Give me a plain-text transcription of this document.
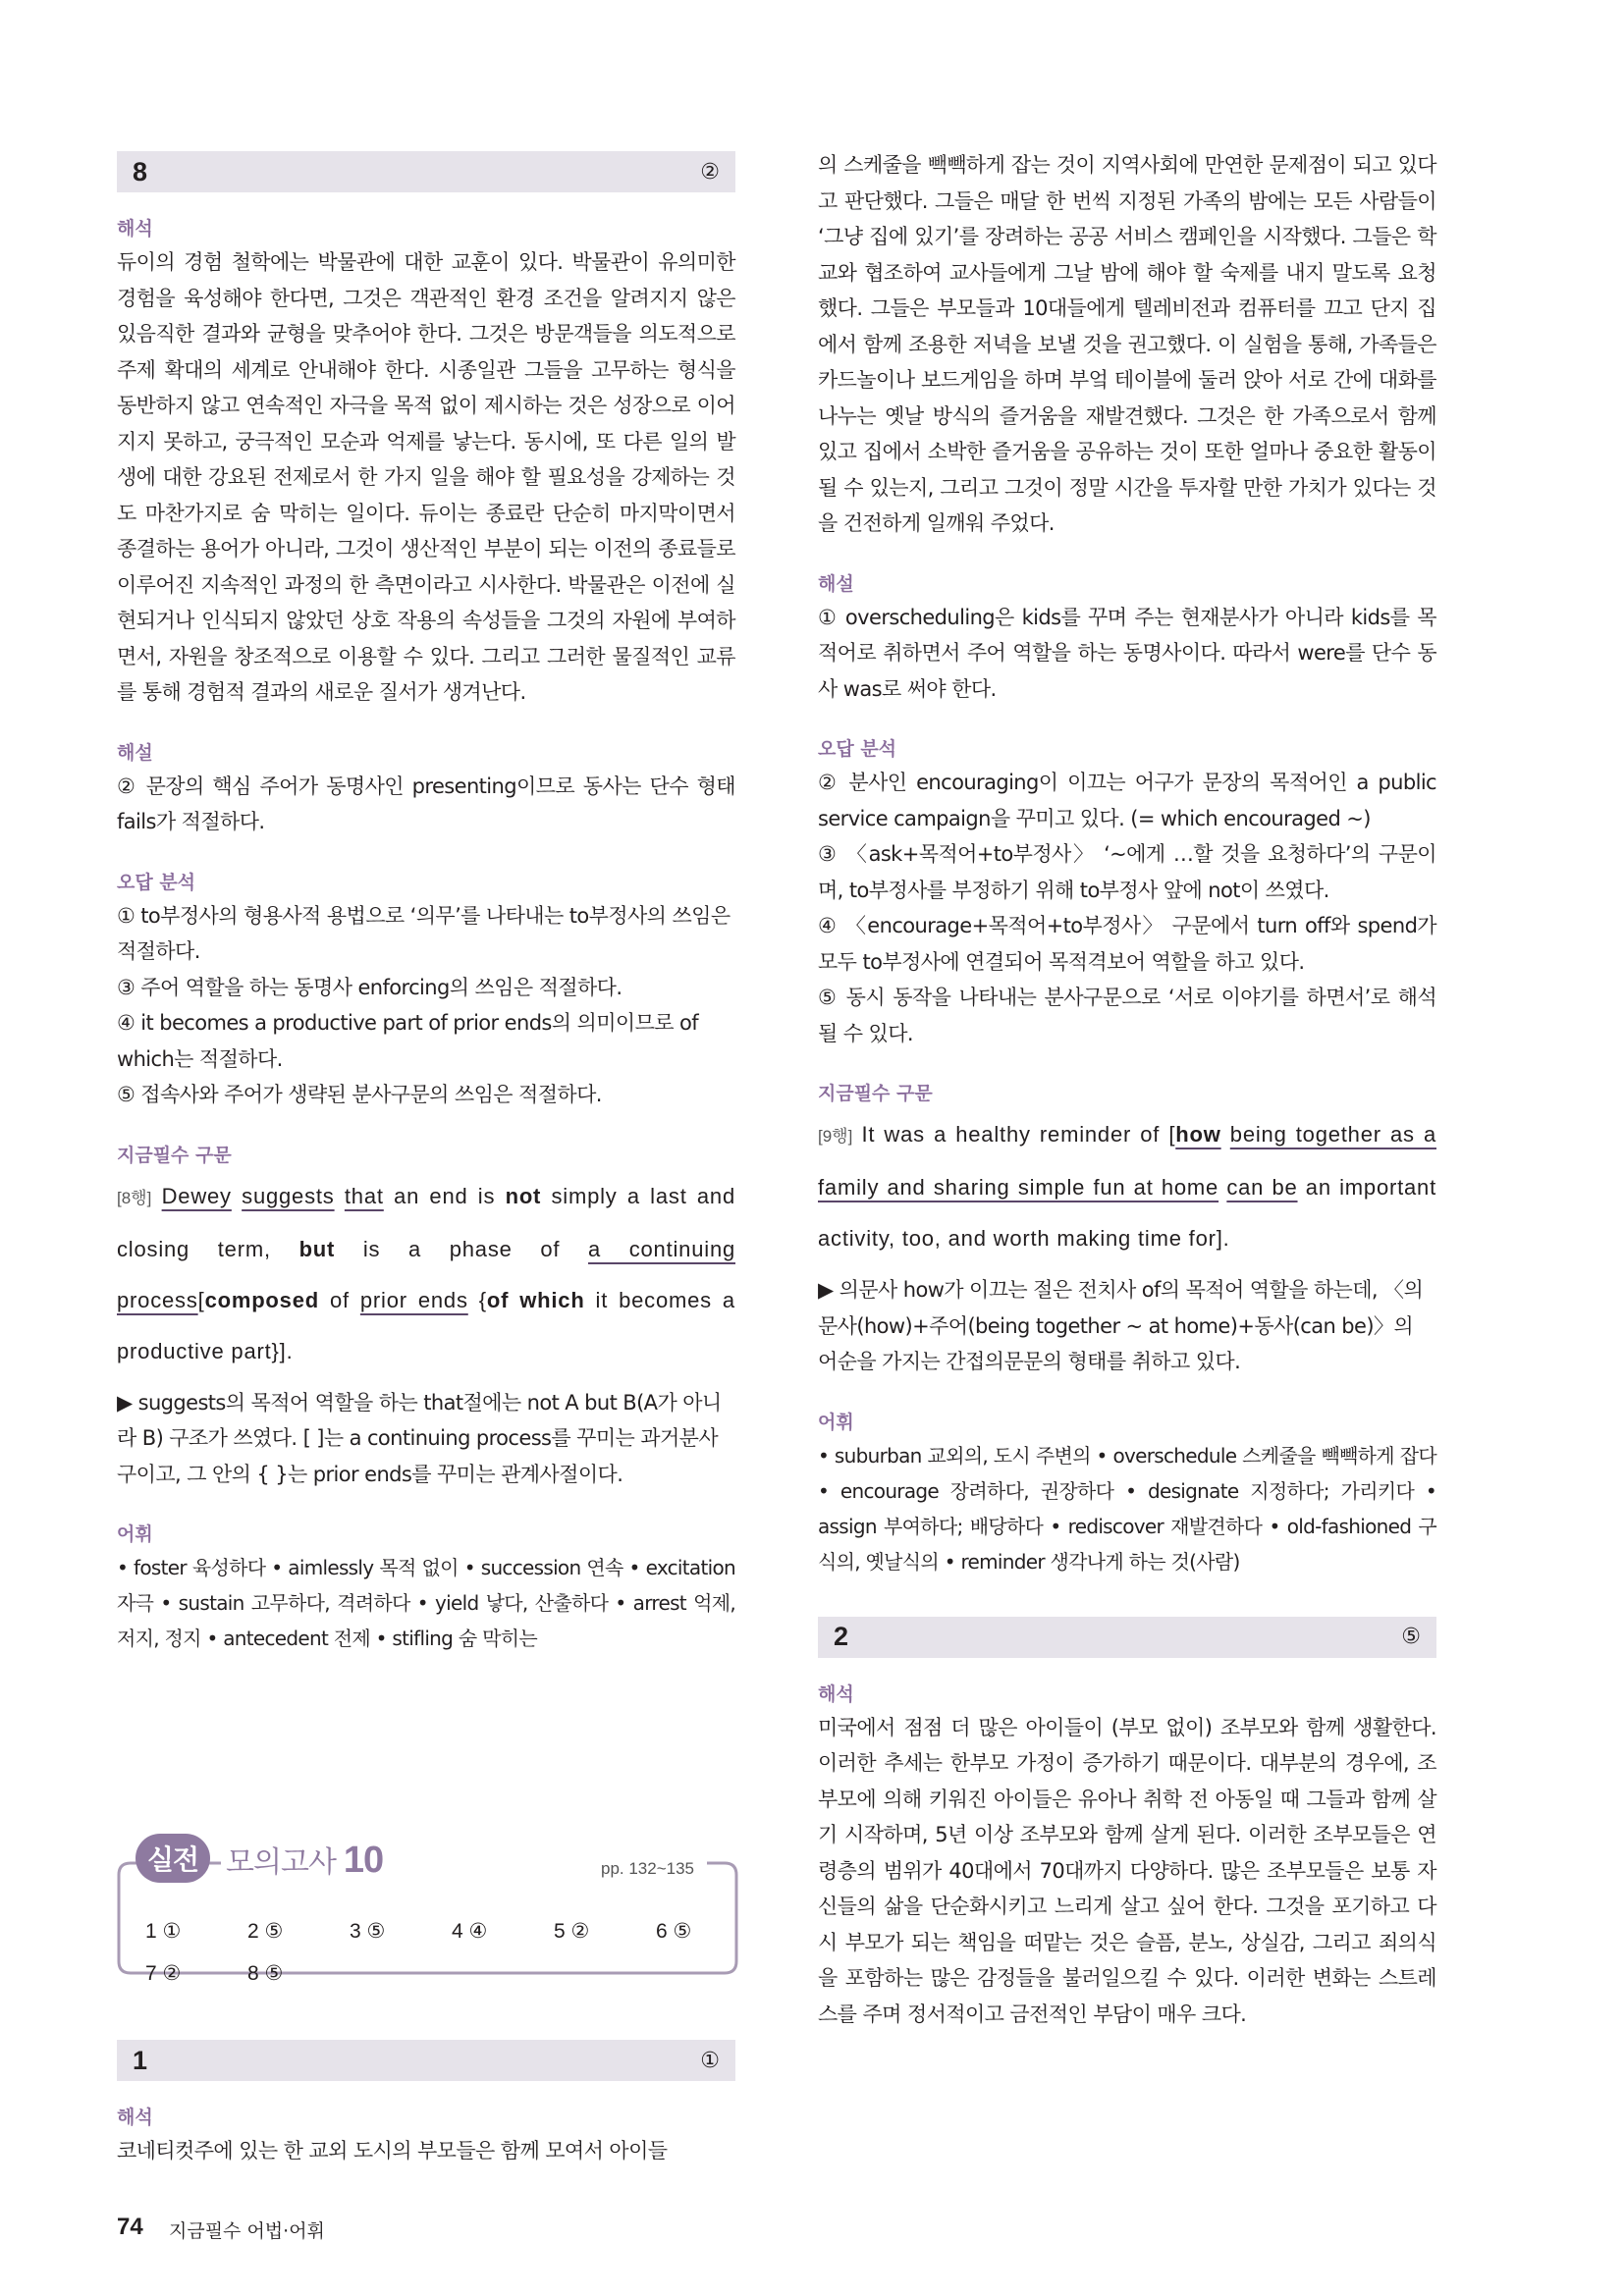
8	②
해석

듀이의 경험 철학에는 박물관에 대한 교훈이 있다. 박물관이 유의미한 경험을 육성해야 한다면, 그것은 객관적인 환경 조건을 알려지지 않은 있음직한 결과와 균형을 맞추어야 한다. 그것은 방문객들을 의도적으로 주제 확대의 세계로 안내해야 한다. 시종일관 그들을 고무하는 형식을 동반하지 않고 연속적인 자극을 목적 없이 제시하는 것은 성장으로 이어지지 못하고, 궁극적인 모순과 억제를 낳는다. 동시에, 또 다른 일의 발생에 대한 강요된 전제로서 한 가지 일을 해야 할 필요성을 강제하는 것도 마찬가지로 숨 막히는 일이다. 듀이는 종료란 단순히 마지막이면서 종결하는 용어가 아니라, 그것이 생산적인 부분이 되는 이전의 종료들로 이루어진 지속적인 과정의 한 측면이라고 시사한다. 박물관은 이전에 실현되거나 인식되지 않았던 상호 작용의 속성들을 그것의 자원에 부여하면서, 자원을 창조적으로 이용할 수 있다. 그리고 그러한 물질적인 교류를 통해 경험적 결과의 새로운 질서가 생겨난다.

해설

② 문장의 핵심 주어가 동명사인 presenting이므로 동사는 단수 형태 fails가 적절하다.

오답 분석

① to부정사의 형용사적 용법으로 ‘의무’를 나타내는 to부정사의 쓰임은 적절하다.

③ 주어 역할을 하는 동명사 enforcing의 쓰임은 적절하다.

④ it becomes a productive part of prior ends의 의미이므로 of which는 적절하다.

⑤ 접속사와 주어가 생략된 분사구문의 쓰임은 적절하다.

지금필수 구문

[8행] Dewey suggests that an end is not simply a last and closing term, but is a phase of a continuing process[composed of prior ends {of which it becomes a productive part}].

▶ suggests의 목적어 역할을 하는 that절에는 not A but B(A가 아니라 B) 구조가 쓰였다. [ ]는 a continuing process를 꾸미는 과거분사구이고, 그 안의 { }는 prior ends를 꾸미는 관계사절이다.

어휘

• foster 육성하다 • aimlessly 목적 없이 • succession 연속 • excitation 자극 • sustain 고무하다, 격려하다 • yield 낳다, 산출하다 • arrest 억제, 저지, 정지 • antecedent 전제 • stifling 숨 막히는

실전 모의고사 10	pp. 132~135
1 ①	2 ⑤	3 ⑤	4 ④	5 ②	6 ⑤
7 ②	8 ⑤
1	①
해석

코네티컷주에 있는 한 교외 도시의 부모들은 함께 모여서 아이들

의 스케줄을 빽빽하게 잡는 것이 지역사회에 만연한 문제점이 되고 있다고 판단했다. 그들은 매달 한 번씩 지정된 가족의 밤에는 모든 사람들이 ‘그냥 집에 있기’를 장려하는 공공 서비스 캠페인을 시작했다. 그들은 학교와 협조하여 교사들에게 그날 밤에 해야 할 숙제를 내지 말도록 요청했다. 그들은 부모들과 10대들에게 텔레비전과 컴퓨터를 끄고 단지 집에서 함께 조용한 저녁을 보낼 것을 권고했다. 이 실험을 통해, 가족들은 카드놀이나 보드게임을 하며 부엌 테이블에 둘러 앉아 서로 간에 대화를 나누는 옛날 방식의 즐거움을 재발견했다. 그것은 한 가족으로서 함께 있고 집에서 소박한 즐거움을 공유하는 것이 또한 얼마나 중요한 활동이 될 수 있는지, 그리고 그것이 정말 시간을 투자할 만한 가치가 있다는 것을 건전하게 일깨워 주었다.

해설

① overscheduling은 kids를 꾸며 주는 현재분사가 아니라 kids를 목적어로 취하면서 주어 역할을 하는 동명사이다. 따라서 were를 단수 동사 was로 써야 한다.

오답 분석

② 분사인 encouraging이 이끄는 어구가 문장의 목적어인 a public service campaign을 꾸미고 있다. (= which encouraged ~)

③ 〈ask+목적어+to부정사〉 ‘~에게 …할 것을 요청하다’의 구문이며, to부정사를 부정하기 위해 to부정사 앞에 not이 쓰였다.

④ 〈encourage+목적어+to부정사〉 구문에서 turn off와 spend가 모두 to부정사에 연결되어 목적격보어 역할을 하고 있다.

⑤ 동시 동작을 나타내는 분사구문으로 ‘서로 이야기를 하면서’로 해석될 수 있다.

지금필수 구문

[9행] It was a healthy reminder of [how being together as a family and sharing simple fun at home can be an important activity, too, and worth making time for].

▶ 의문사 how가 이끄는 절은 전치사 of의 목적어 역할을 하는데, 〈의문사(how)+주어(being together ~ at home)+동사(can be)〉의 어순을 가지는 간접의문문의 형태를 취하고 있다.

어휘

• suburban 교외의, 도시 주변의 • overschedule 스케줄을 빽빽하게 잡다 • encourage 장려하다, 권장하다 • designate 지정하다; 가리키다 • assign 부여하다; 배당하다 • rediscover 재발견하다 • old-fashioned 구식의, 옛날식의 • reminder 생각나게 하는 것(사람)

2	⑤
해석

미국에서 점점 더 많은 아이들이 (부모 없이) 조부모와 함께 생활한다. 이러한 추세는 한부모 가정이 증가하기 때문이다. 대부분의 경우에, 조부모에 의해 키워진 아이들은 유아나 취학 전 아동일 때 그들과 함께 살기 시작하며, 5년 이상 조부모와 함께 살게 된다. 이러한 조부모들은 연령층의 범위가 40대에서 70대까지 다양하다. 많은 조부모들은 보통 자신들의 삶을 단순화시키고 느리게 살고 싶어 한다. 그것을 포기하고 다시 부모가 되는 책임을 떠맡는 것은 슬픔, 분노, 상실감, 그리고 죄의식을 포함하는 많은 감정들을 불러일으킬 수 있다. 이러한 변화는 스트레스를 주며 정서적이고 금전적인 부담이 매우 크다.

74 지금필수 어법·어휘
